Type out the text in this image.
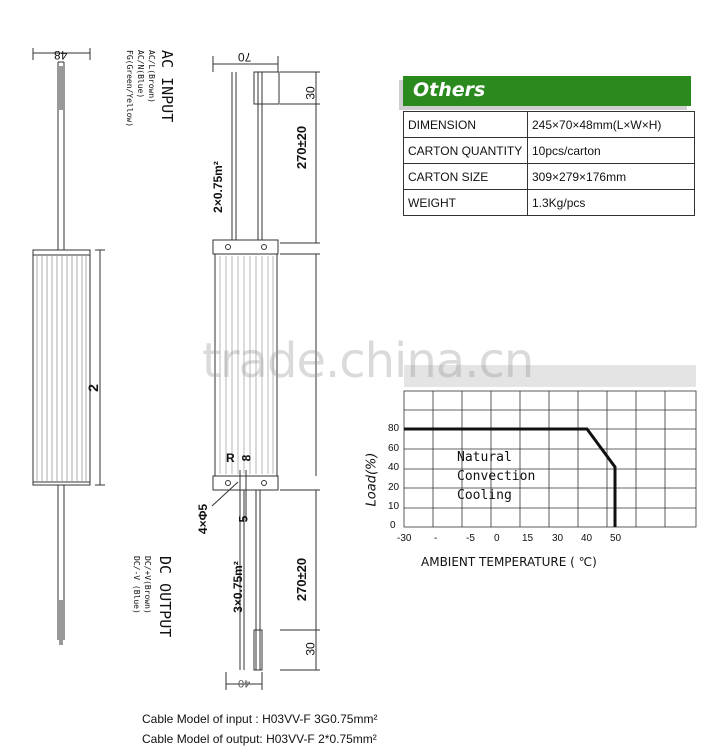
trade.china.cn
48	70
40
AC INPUT
AC/L(Brown)
AC/N(Blue)
FG(Green/Yellow)
DC OUTPUT
DC/+V(Brown)
DC/-V (Blue)
30
270±20
2×0.75m²
2
R 8
4×Φ5 5
3×0.75m²	270±20
30
Others
DIMENSION	245×70×48mm(L×W×H)
CARTON QUANTITY	10pcs/carton
CARTON SIZE	309×279×176mm
WEIGHT	1.3Kg/pcs
Load(%)
0
10
20
40
60
80
-30 -	-5 0 15 30 40 50
AMBIENT TEMPERATURE ( ℃)
Natural
Convection
Cooling
Cable Model of input : H03VV-F 3G0.75mm²
Cable Model of output: H03VV-F 2*0.75mm²
